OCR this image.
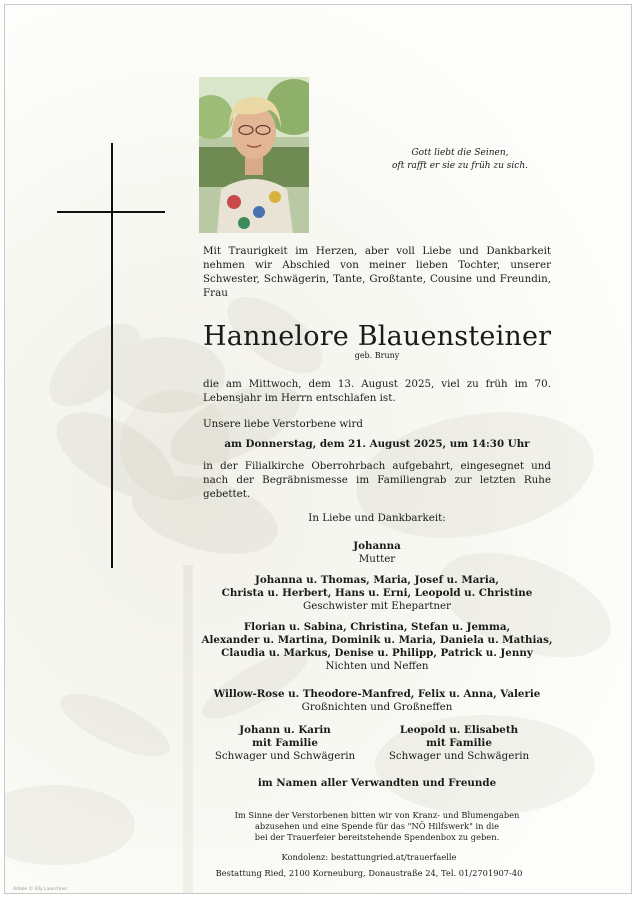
Gott liebt die Seinen,
oft rafft er sie zu früh zu sich.
Mit Traurigkeit im Herzen, aber voll Liebe und Dankbarkeit nehmen wir Abschied von meiner lieben Tochter, unserer Schwester, Schwägerin, Tante, Großtante, Cousine und Freundin, Frau
Hannelore Blauensteiner
geb. Bruny
die am Mittwoch, dem 13. August 2025, viel zu früh im 70. Lebensjahr im Herrn entschlafen ist.
Unsere liebe Verstorbene wird
am Donnerstag, dem 21. August 2025, um 14:30 Uhr
in der Filialkirche Oberrohrbach aufgebahrt, eingesegnet und nach der Begräbnismesse im Familiengrab zur letzten Ruhe gebettet.
In Liebe und Dankbarkeit:
Johanna
Mutter
Johanna u. Thomas, Maria, Josef u. Maria,
Christa u. Herbert, Hans u. Erni, Leopold u. Christine
Geschwister mit Ehepartner
Florian u. Sabina, Christina, Stefan u. Jemma,
Alexander u. Martina, Dominik u. Maria, Daniela u. Mathias,
Claudia u. Markus, Denise u. Philipp, Patrick u. Jenny
Nichten und Neffen
Willow-Rose u. Theodore-Manfred, Felix u. Anna, Valerie
Großnichten und Großneffen
Johann u. Karin
mit Familie
Schwager und Schwägerin
Leopold u. Elisabeth
mit Familie
Schwager und Schwägerin
im Namen aller Verwandten und Freunde
Im Sinne der Verstorbenen bitten wir von Kranz- und Blumengaben
abzusehen und eine Spende für das "NÖ Hilfswerk" in die
bei der Trauerfeier bereitstehende Spendenbox zu geben.
Kondolenz: bestattungried.at/trauerfaelle
Bestattung Ried, 2100 Korneuburg, Donaustraße 24, Tel. 01/2701907-40
Adobe © Elly Lauschner
